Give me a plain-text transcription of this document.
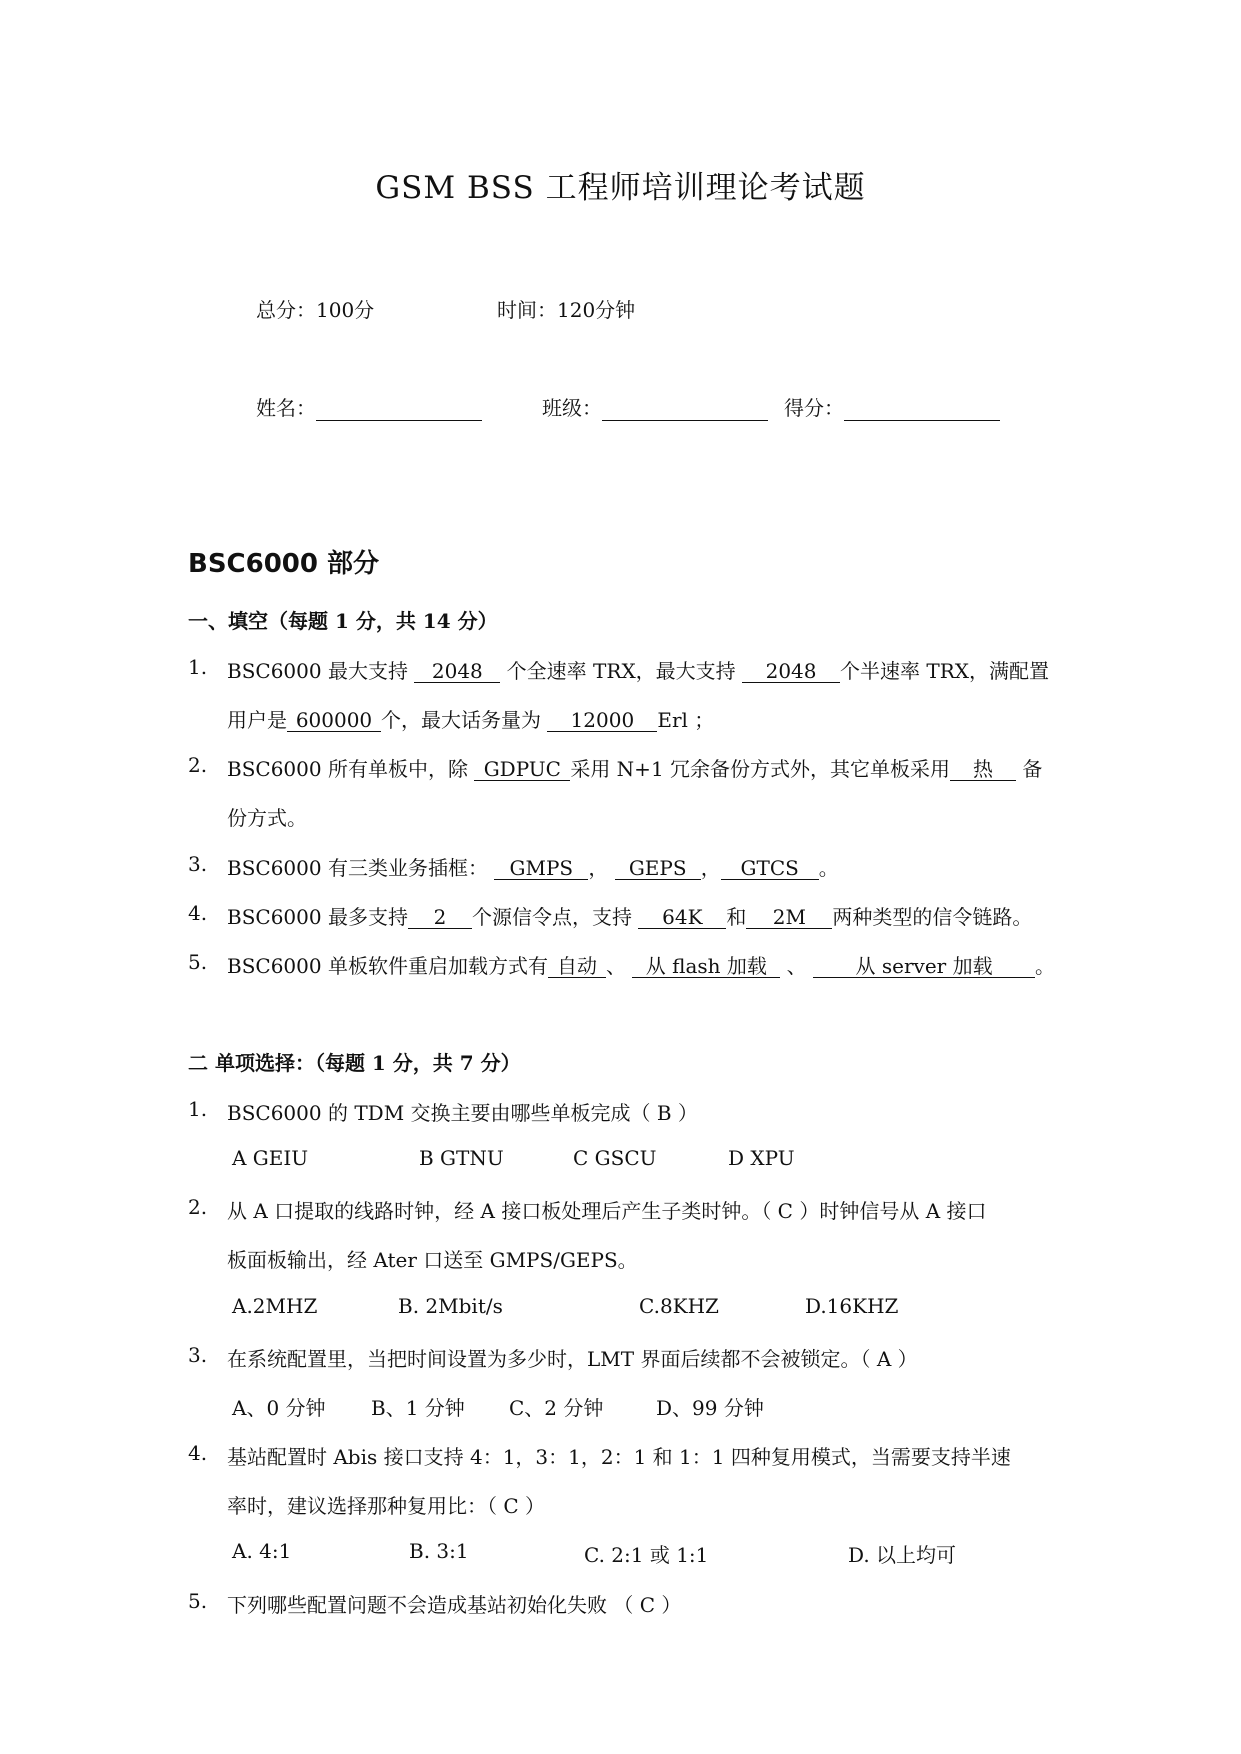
GSM BSS 工程师培训理论考试题
总分：100分	时间：120分钟
姓名：	班级：	得分：
BSC6000 部分
一、填空（每题 1 分，共 14 分）
1. BSC6000 最大支持 2048 个全速率 TRX，最大支持 2048 个半速率 TRX，满配置
用户是 600000 个，最大话务量为 12000 Erl ；
2. BSC6000 所有单板中，除 GDPUC 采用 N+1 冗余备份方式外，其它单板采用 热 备
份方式。
3. BSC6000 有三类业务插框： GMPS ， GEPS ， GTCS 。
4. BSC6000 最多支持 2 个源信令点，支持 64K 和 2M 两种类型的信令链路。
5. BSC6000 单板软件重启加载方式有 自动 、 从 flash 加载 、 从 server 加载 。
二 单项选择：（每题 1 分，共 7 分）
1. BSC6000 的 TDM 交换主要由哪些单板完成（ B ）
A GEIU	B GTNU	C GSCU	D XPU
2. 从 A 口提取的线路时钟，经 A 接口板处理后产生子类时钟。（ C ）时钟信号从 A 接口
板面板输出，经 Ater 口送至 GMPS/GEPS。
A.2MHZ	B. 2Mbit/s	C.8KHZ	D.16KHZ
3. 在系统配置里，当把时间设置为多少时，LMT 界面后续都不会被锁定。（ A ）
A、0 分钟 B、1 分钟 C、2 分钟	D、99 分钟
4. 基站配置时 Abis 接口支持 4：1，3：1，2：1 和 1：1 四种复用模式，当需要支持半速
率时，建议选择那种复用比：（ C ）
A. 4:1	B. 3:1	C. 2:1 或 1:1	D. 以上均可
5. 下列哪些配置问题不会造成基站初始化失败 （ C ）
